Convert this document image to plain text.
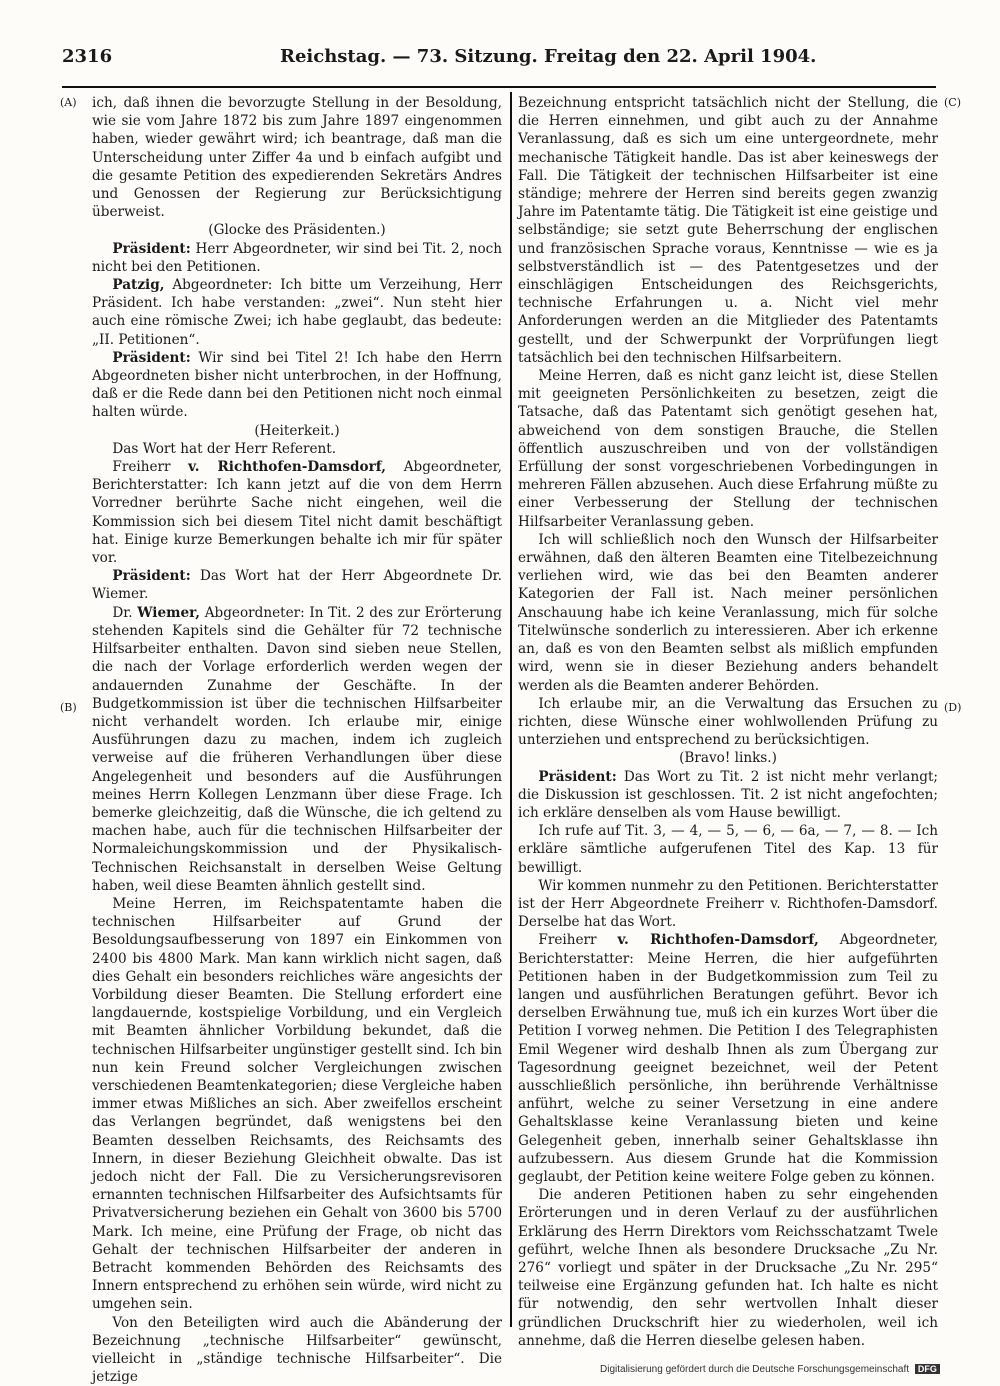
2316	Reichstag. — 73. Sitzung. Freitag den 22. April 1904.
(A)
(B)
(C)
(D)

ich, daß ihnen die bevorzugte Stellung in der Besoldung, wie sie vom Jahre 1872 bis zum Jahre 1897 eingenommen haben, wieder gewährt wird; ich beantrage, daß man die Unterscheidung unter Ziffer 4a und b einfach aufgibt und die gesamte Petition des expedierenden Sekretärs Andres und Genossen der Regierung zur Berücksichtigung überweist.

(Glocke des Präsidenten.)

Präsident: Herr Abgeordneter, wir sind bei Tit. 2, noch nicht bei den Petitionen.

Patzig, Abgeordneter: Ich bitte um Verzeihung, Herr Präsident. Ich habe verstanden: „zwei“. Nun steht hier auch eine römische Zwei; ich habe geglaubt, das bedeute: „II. Petitionen“.

Präsident: Wir sind bei Titel 2! Ich habe den Herrn Abgeordneten bisher nicht unterbrochen, in der Hoffnung, daß er die Rede dann bei den Petitionen nicht noch einmal halten würde.

(Heiterkeit.)

Das Wort hat der Herr Referent.

Freiherr v. Richthofen-Damsdorf, Abgeordneter, Berichterstatter: Ich kann jetzt auf die von dem Herrn Vorredner berührte Sache nicht eingehen, weil die Kommission sich bei diesem Titel nicht damit beschäftigt hat. Einige kurze Bemerkungen behalte ich mir für später vor.

Präsident: Das Wort hat der Herr Abgeordnete Dr. Wiemer.

Dr. Wiemer, Abgeordneter: In Tit. 2 des zur Erörterung stehenden Kapitels sind die Gehälter für 72 technische Hilfsarbeiter enthalten. Davon sind sieben neue Stellen, die nach der Vorlage erforderlich werden wegen der andauernden Zunahme der Geschäfte. In der Budgetkommission ist über die technischen Hilfsarbeiter nicht verhandelt worden. Ich erlaube mir, einige Ausführungen dazu zu machen, indem ich zugleich verweise auf die früheren Verhandlungen über diese Angelegenheit und besonders auf die Ausführungen meines Herrn Kollegen Lenzmann über diese Frage. Ich bemerke gleichzeitig, daß die Wünsche, die ich geltend zu machen habe, auch für die technischen Hilfsarbeiter der Normaleichungskommission und der Physikalisch-Technischen Reichsanstalt in derselben Weise Geltung haben, weil diese Beamten ähnlich gestellt sind.

Meine Herren, im Reichspatentamte haben die technischen Hilfsarbeiter auf Grund der Besoldungsaufbesserung von 1897 ein Einkommen von 2400 bis 4800 Mark. Man kann wirklich nicht sagen, daß dies Gehalt ein besonders reichliches wäre angesichts der Vorbildung dieser Beamten. Die Stellung erfordert eine langdauernde, kostspielige Vorbildung, und ein Vergleich mit Beamten ähnlicher Vorbildung bekundet, daß die technischen Hilfsarbeiter ungünstiger gestellt sind. Ich bin nun kein Freund solcher Vergleichungen zwischen verschiedenen Beamtenkategorien; diese Vergleiche haben immer etwas Mißliches an sich. Aber zweifellos erscheint das Verlangen begründet, daß wenigstens bei den Beamten desselben Reichsamts, des Reichsamts des Innern, in dieser Beziehung Gleichheit obwalte. Das ist jedoch nicht der Fall. Die zu Versicherungsrevisoren ernannten technischen Hilfsarbeiter des Aufsichtsamts für Privatversicherung beziehen ein Gehalt von 3600 bis 5700 Mark. Ich meine, eine Prüfung der Frage, ob nicht das Gehalt der technischen Hilfsarbeiter der anderen in Betracht kommenden Behörden des Reichsamts des Innern entsprechend zu erhöhen sein würde, wird nicht zu umgehen sein.

Von den Beteiligten wird auch die Abänderung der Bezeichnung „technische Hilfsarbeiter“ gewünscht, vielleicht in „ständige technische Hilfsarbeiter“. Die jetzige

Bezeichnung entspricht tatsächlich nicht der Stellung, die die Herren einnehmen, und gibt auch zu der Annahme Veranlassung, daß es sich um eine untergeordnete, mehr mechanische Tätigkeit handle. Das ist aber keineswegs der Fall. Die Tätigkeit der technischen Hilfsarbeiter ist eine ständige; mehrere der Herren sind bereits gegen zwanzig Jahre im Patentamte tätig. Die Tätigkeit ist eine geistige und selbständige; sie setzt gute Beherrschung der englischen und französischen Sprache voraus, Kenntnisse — wie es ja selbstverständlich ist — des Patentgesetzes und der einschlägigen Entscheidungen des Reichsgerichts, technische Erfahrungen u. a. Nicht viel mehr Anforderungen werden an die Mitglieder des Patentamts gestellt, und der Schwerpunkt der Vorprüfungen liegt tatsächlich bei den technischen Hilfsarbeitern.

Meine Herren, daß es nicht ganz leicht ist, diese Stellen mit geeigneten Persönlichkeiten zu besetzen, zeigt die Tatsache, daß das Patentamt sich genötigt gesehen hat, abweichend von dem sonstigen Brauche, die Stellen öffentlich auszuschreiben und von der vollständigen Erfüllung der sonst vorgeschriebenen Vorbedingungen in mehreren Fällen abzusehen. Auch diese Erfahrung müßte zu einer Verbesserung der Stellung der technischen Hilfsarbeiter Veranlassung geben.

Ich will schließlich noch den Wunsch der Hilfsarbeiter erwähnen, daß den älteren Beamten eine Titelbezeichnung verliehen wird, wie das bei den Beamten anderer Kategorien der Fall ist. Nach meiner persönlichen Anschauung habe ich keine Veranlassung, mich für solche Titelwünsche sonderlich zu interessieren. Aber ich erkenne an, daß es von den Beamten selbst als mißlich empfunden wird, wenn sie in dieser Beziehung anders behandelt werden als die Beamten anderer Behörden.

Ich erlaube mir, an die Verwaltung das Ersuchen zu richten, diese Wünsche einer wohlwollenden Prüfung zu unterziehen und entsprechend zu berücksichtigen.

(Bravo! links.)

Präsident: Das Wort zu Tit. 2 ist nicht mehr verlangt; die Diskussion ist geschlossen. Tit. 2 ist nicht angefochten; ich erkläre denselben als vom Hause bewilligt.

Ich rufe auf Tit. 3, — 4, — 5, — 6, — 6a, — 7, — 8. — Ich erkläre sämtliche aufgerufenen Titel des Kap. 13 für bewilligt.

Wir kommen nunmehr zu den Petitionen. Berichterstatter ist der Herr Abgeordnete Freiherr v. Richthofen-Damsdorf. Derselbe hat das Wort.

Freiherr v. Richthofen-Damsdorf, Abgeordneter, Berichterstatter: Meine Herren, die hier aufgeführten Petitionen haben in der Budgetkommission zum Teil zu langen und ausführlichen Beratungen geführt. Bevor ich derselben Erwähnung tue, muß ich ein kurzes Wort über die Petition I vorweg nehmen. Die Petition I des Telegraphisten Emil Wegener wird deshalb Ihnen als zum Übergang zur Tagesordnung geeignet bezeichnet, weil der Petent ausschließlich persönliche, ihn berührende Verhältnisse anführt, welche zu seiner Versetzung in eine andere Gehaltsklasse keine Veranlassung bieten und keine Gelegenheit geben, innerhalb seiner Gehaltsklasse ihn aufzubessern. Aus diesem Grunde hat die Kommission geglaubt, der Petition keine weitere Folge geben zu können.

Die anderen Petitionen haben zu sehr eingehenden Erörterungen und in deren Verlauf zu der ausführlichen Erklärung des Herrn Direktors vom Reichsschatzamt Twele geführt, welche Ihnen als besondere Drucksache „Zu Nr. 276“ vorliegt und später in der Drucksache „Zu Nr. 295“ teilweise eine Ergänzung gefunden hat. Ich halte es nicht für notwendig, den sehr wertvollen Inhalt dieser gründlichen Druckschrift hier zu wiederholen, weil ich annehme, daß die Herren dieselbe gelesen haben.

Digitalisierung gefördert durch die Deutsche Forschungsgemeinschaft DFG
